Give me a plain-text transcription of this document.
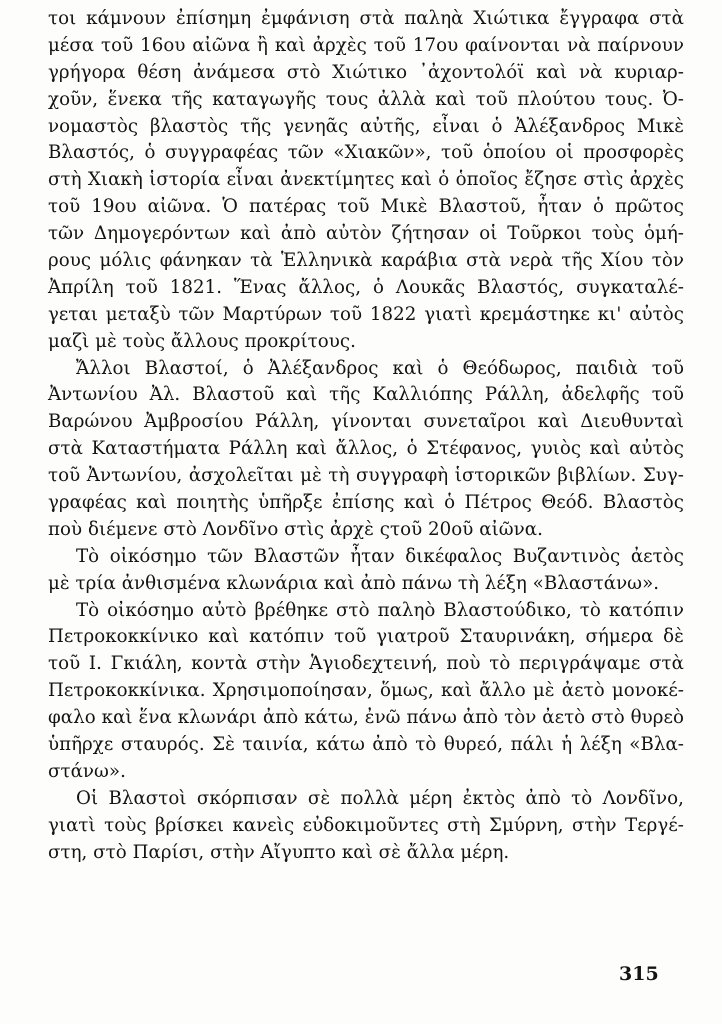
τοι κάμνουν ἐπίσημη ἐμφάνιση στὰ παληὰ Χιώτικα ἔγγραφα στὰ
μέσα τοῦ 16ου αἰῶνα ἢ καὶ ἀρχὲς τοῦ 17ου φαίνονται νὰ παίρνουν
γρήγορα θέση ἀνάμεσα στὸ Χιώτικο ᾽ἀχοντολόϊ καὶ νὰ κυριαρ-
χοῦν, ἕνεκα τῆς καταγωγῆς τους ἀλλὰ καὶ τοῦ πλούτου τους. Ὀ-
νομαστὸς βλαστὸς τῆς γενηᾶς αὐτῆς, εἶναι ὁ Ἀλέξανδρος Μικὲ
Βλαστός, ὁ συγγραφέας τῶν «Χιακῶν», τοῦ ὁποίου οἱ προσφορὲς
στὴ Χιακὴ ἱστορία εἶναι ἀνεκτίμητες καὶ ὁ ὁποῖος ἔζησε στὶς ἀρχὲς
τοῦ 19ου αἰῶνα. Ὁ πατέρας τοῦ Μικὲ Βλαστοῦ, ἦταν ὁ πρῶτος
τῶν Δημογερόντων καὶ ἀπὸ αὐτὸν ζήτησαν οἱ Τοῦρκοι τοὺς ὁμή-
ρους μόλις φάνηκαν τὰ Ἑλληνικὰ καράβια στὰ νερὰ τῆς Χίου τὸν
Ἀπρίλη τοῦ 1821. Ἕνας ἄλλος, ὁ Λουκᾶς Βλαστός, συγκαταλέ-
γεται μεταξὺ τῶν Μαρτύρων τοῦ 1822 γιατὶ κρεμάστηκε κι' αὐτὸς
μαζὶ μὲ τοὺς ἄλλους προκρίτους.

Ἄλλοι Βλαστοί, ὁ Ἀλέξανδρος καὶ ὁ Θεόδωρος, παιδιὰ τοῦ
Ἀντωνίου Ἀλ. Βλαστοῦ καὶ τῆς Καλλιόπης Ράλλη, ἀδελφῆς τοῦ
Βαρώνου Ἀμβροσίου Ράλλη, γίνονται συνεταῖροι καὶ Διευθυνταὶ
στὰ Καταστήματα Ράλλη καὶ ἄλλος, ὁ Στέφανος, γυιὸς καὶ αὐτὸς
τοῦ Ἀντωνίου, ἀσχολεῖται μὲ τὴ συγγραφὴ ἱστορικῶν βιβλίων. Συγ-
γραφέας καὶ ποιητὴς ὑπῆρξε ἐπίσης καὶ ὁ Πέτρος Θεόδ. Βλαστὸς
ποὺ διέμενε στὸ Λονδῖνο στὶς ἀρχὲ ςτοῦ 20οῦ αἰῶνα.

Τὸ οἰκόσημο τῶν Βλαστῶν ἦταν δικέφαλος Βυζαντινὸς ἀετὸς
μὲ τρία ἀνθισμένα κλωνάρια καὶ ἀπὸ πάνω τὴ λέξη «Βλαστάνω».

Τὸ οἰκόσημο αὐτὸ βρέθηκε στὸ παληὸ Βλαστούδικο, τὸ κατόπιν
Πετροκοκκίνικο καὶ κατόπιν τοῦ γιατροῦ Σταυρινάκη, σήμερα δὲ
τοῦ Ι. Γκιάλη, κοντὰ στὴν Ἁγιοδεχτεινή, ποὺ τὸ περιγράψαμε στὰ
Πετροκοκκίνικα. Χρησιμοποίησαν, ὅμως, καὶ ἄλλο μὲ ἀετὸ μονοκέ-
φαλο καὶ ἕνα κλωνάρι ἀπὸ κάτω, ἐνῶ πάνω ἀπὸ τὸν ἀετὸ στὸ θυρεὸ
ὑπῆρχε σταυρός. Σὲ ταινία, κάτω ἀπὸ τὸ θυρεό, πάλι ἡ λέξη «Βλα-
στάνω».

Οἱ Βλαστοὶ σκόρπισαν σὲ πολλὰ μέρη ἐκτὸς ἀπὸ τὸ Λονδῖνο,
γιατὶ τοὺς βρίσκει κανεὶς εὐδοκιμοῦντες στὴ Σμύρνη, στὴν Τεργέ-
στη, στὸ Παρίσι, στὴν Αἴγυπτο καὶ σὲ ἄλλα μέρη.

315
